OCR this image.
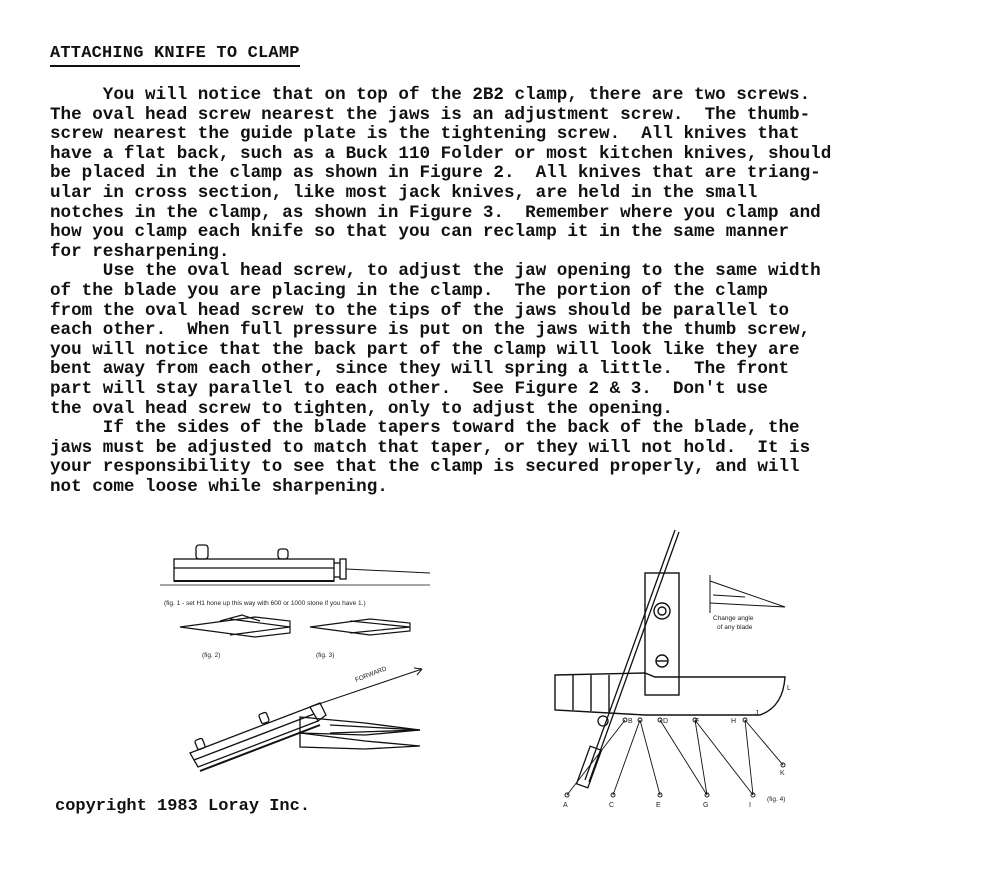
ATTACHING KNIFE TO CLAMP
You will notice that on top of the 2B2 clamp, there are two screws.
The oval head screw nearest the jaws is an adjustment screw.  The thumb-
screw nearest the guide plate is the tightening screw.  All knives that
have a flat back, such as a Buck 110 Folder or most kitchen knives, should
be placed in the clamp as shown in Figure 2.  All knives that are triang-
ular in cross section, like most jack knives, are held in the small
notches in the clamp, as shown in Figure 3.  Remember where you clamp and
how you clamp each knife so that you can reclamp it in the same manner
for resharpening.
Use the oval head screw, to adjust the jaw opening to the same width
of the blade you are placing in the clamp.  The portion of the clamp
from the oval head screw to the tips of the jaws should be parallel to
each other.  When full pressure is put on the jaws with the thumb screw,
you will notice that the back part of the clamp will look like they are
bent away from each other, since they will spring a little.  The front
part will stay parallel to each other.  See Figure 2 & 3.  Don't use
the oval head screw to tighten, only to adjust the opening.
If the sides of the blade tapers toward the back of the blade, the
jaws must be adjusted to match that taper, or they will not hold.  It is
your responsibility to see that the clamp is secured properly, and will
not come loose while sharpening.
(fig. 1 - set H1 hone up this way with 600 or 1000 stone if you have 1.)
(fig. 2)	(fig. 3)
FORWARD
Change angle
of any blade
A
B
C
D
E
F
G
H
I
J
K
L
(fig. 4)
copyright 1983 Loray Inc.
